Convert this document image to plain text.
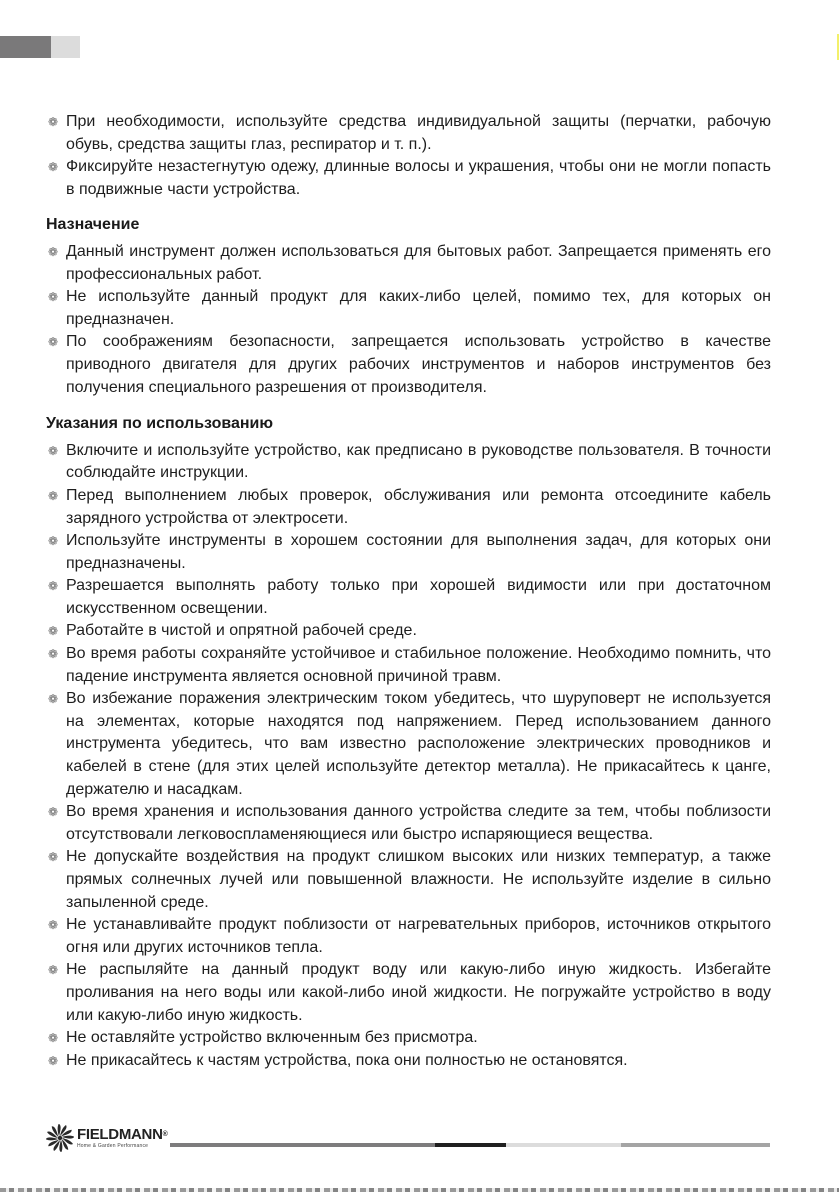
❁ При необходимости, используйте средства индивидуальной защиты (перчатки, рабочую обувь, средства защиты глаз, респиратор и т. п.).
❁ Фиксируйте незастегнутую одежу, длинные волосы и украшения, чтобы они не могли попасть в подвижные части устройства.
Назначение
❁ Данный инструмент должен использоваться для бытовых работ. Запрещается применять его профессиональных работ.
❁ Не используйте данный продукт для каких-либо целей, помимо тех, для которых он предназначен.
❁ По соображениям безопасности, запрещается использовать устройство в качестве приводного двигателя для других рабочих инструментов и наборов инструментов без получения специального разрешения от производителя.
Указания по использованию
❁ Включите и используйте устройство, как предписано в руководстве пользователя. В точности соблюдайте инструкции.
❁ Перед выполнением любых проверок, обслуживания или ремонта отсоедините кабель зарядного устройства от электросети.
❁ Используйте инструменты в хорошем состоянии для выполнения задач, для которых они предназначены.
❁ Разрешается выполнять работу только при хорошей видимости или при достаточном искусственном освещении.
❁ Работайте в чистой и опрятной рабочей среде.
❁ Во время работы сохраняйте устойчивое и стабильное положение. Необходимо помнить, что падение инструмента является основной причиной травм.
❁ Во избежание поражения электрическим током убедитесь, что шуруповерт не используется на элементах, которые находятся под напряжением. Перед использованием данного инструмента убедитесь, что вам известно расположение электрических проводников и кабелей в стене (для этих целей используйте детектор металла). Не прикасайтесь к цанге, держателю и насадкам.
❁ Во время хранения и использования данного устройства следите за тем, чтобы поблизости отсутствовали легковоспламеняющиеся или быстро испаряющиеся вещества.
❁ Не допускайте воздействия на продукт слишком высоких или низких температур, а также прямых солнечных лучей или повышенной влажности. Не используйте изделие в сильно запыленной среде.
❁ Не устанавливайте продукт поблизости от нагревательных приборов, источников открытого огня или других источников тепла.
❁ Не распыляйте на данный продукт воду или какую-либо иную жидкость. Избегайте проливания на него воды или какой-либо иной жидкости. Не погружайте устройство в воду или какую-либо иную жидкость.
❁ Не оставляйте устройство включенным без присмотра.
❁ Не прикасайтесь к частям устройства, пока они полностью не остановятся.
FIELDMANN®
Home & Garden Performance
